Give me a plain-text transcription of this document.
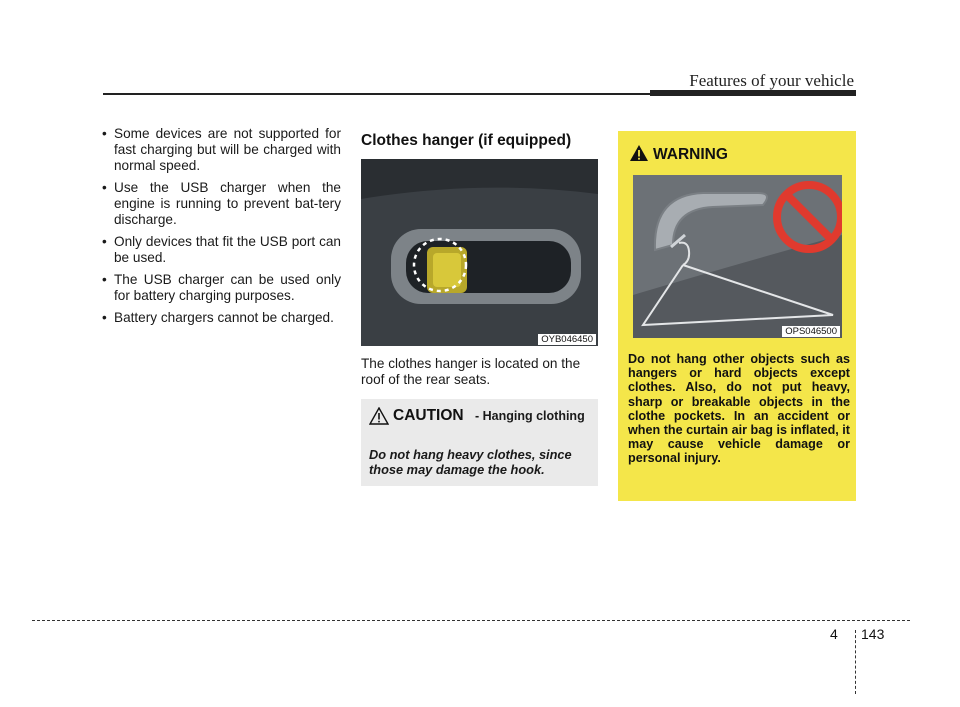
Features of your vehicle
• Some devices are not supported for fast charging but will be charged with normal speed.
• Use the USB charger when the engine is running to prevent bat-tery discharge.
• Only devices that fit the USB port can be used.
• The USB charger can be used only for battery charging purposes.
• Battery chargers cannot be charged.
Clothes hanger (if equipped)
OYB046450
The clothes hanger is located on the roof of the rear seats.
CAUTION - Hanging clothing
Do not hang heavy clothes, since those may damage the hook.
WARNING
OPS046500
Do not hang other objects such as hangers or hard objects except clothes. Also, do not put heavy, sharp or breakable objects in the clothe pockets. In an accident or when the curtain air bag is inflated, it may cause vehicle damage or personal injury.
4 143
